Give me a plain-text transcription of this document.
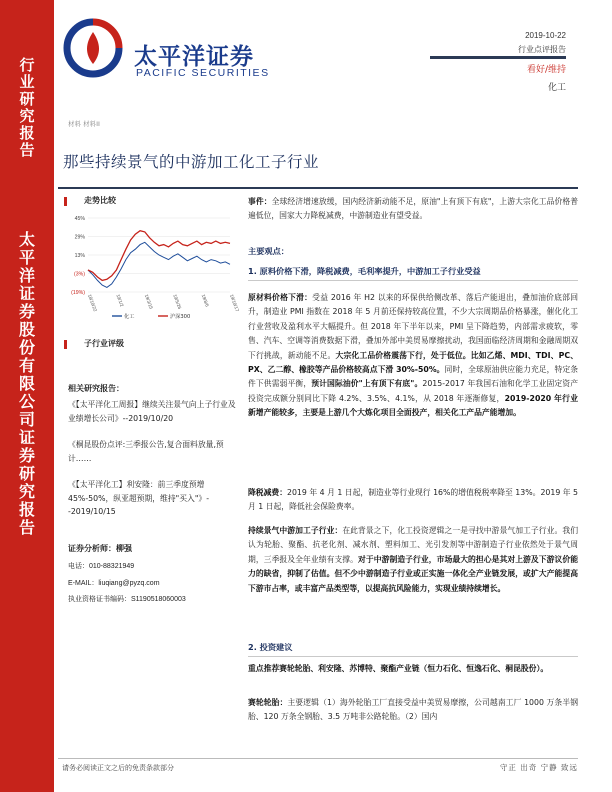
行
业
研
究
报
告
太
平
洋
证
券
股
份
有
限
公
司
证
券
研
究
报
告
太平洋证券
PACIFIC SECURITIES
2019-10-22
行业点评报告
看好/维持
化工
材料 材料II
那些持续景气的中游加工化工子行业
走势比较
45%
29%
13%
(3%)
(19%)
18/10/22	19/1/2	19/3/15	19/5/26	19/8/6	19/10/17
化工	沪深300
子行业评级
相关研究报告：
《【太平洋化工周报】继续关注景气向上子行业及业绩增长公司》--2019/10/20
《桐昆股份点评:三季报公告,复合面料放量,预计……
《【太平洋化工】利安隆：前三季度预增 45%-50%，纵亚超预期，维持"买入"》--2019/10/15
证券分析师：柳强
电话：010-88321949
E-MAIL：liuqiang@pyzq.com
执业资格证书编码：S1190518060003
事件：全球经济增速放缓，国内经济新动能不足，原油"上有顶下有底"，上游大宗化工品价格普遍低位，国家大力降税减费，中游制造业有望受益。
主要观点：
1. 原料价格下滑，降税减费，毛利率提升，中游加工子行业受益
原材料价格下滑：受益 2016 年 H2 以来的环保供给侧改革、落后产能退出，叠加油价底部回升，制造业 PMI 指数在 2018 年 5 月前还保持较高位置，不少大宗周期品价格暴涨，催化化工行业营收及盈利水平大幅提升。但 2018 年下半年以来，PMI 呈下降趋势，内部需求疲软，零售、汽车、空调等消费数据下滑，叠加外部中美贸易摩擦扰动，我国面临经济周期和金融周期双下行挑战，新动能不足。大宗化工品价格震荡下行，处于低位。比如乙烯、MDI、TDI、PC、PX、乙二醇、橡胶等产品价格较高点下滑 30%-50%。同时，全球原油供应能力充足，特定条件下供需弱平衡，预计国际油价"上有顶下有底"。2015-2017 年我国石油和化学工业固定资产投资完成额分别同比下降 4.2%、3.5%、4.1%，从 2018 年逐渐修复，2019-2020 年行业新增产能较多，主要是上游几个大炼化项目全面投产，相关化工产品产能增加。
降税减费：2019 年 4 月 1 日起，制造业等行业现行 16%的增值税税率降至 13%。2019 年 5 月 1 日起，降低社会保险费率。
持续景气中游加工子行业：在此背景之下，化工投资逻辑之一是寻找中游景气加工子行业。我们认为轮胎、聚酯、抗老化剂、减水剂、塑料加工、光引发剂等中游制造子行业依然处于景气周期，三季报及全年业绩有支撑。对于中游制造子行业，市场最大的担心是其对上游及下游议价能力的缺省，抑制了估值。但不少中游制造子行业或正实施一体化全产业链发展，或扩大产能提高下游市占率，或丰富产品类型等，以提高抗风险能力，实现业绩持续增长。
2. 投资建议
重点推荐赛轮轮胎、利安隆、苏博特、聚酯产业链（恒力石化、恒逸石化、桐昆股份）。
赛轮轮胎：主要逻辑（1）海外轮胎工厂直接受益中美贸易摩擦，公司越南工厂 1000 万条半钢胎、120 万条全钢胎、3.5 万吨非公路轮胎。（2）国内
请务必阅读正文之后的免责条款部分	守正 出奇 宁静 致远
